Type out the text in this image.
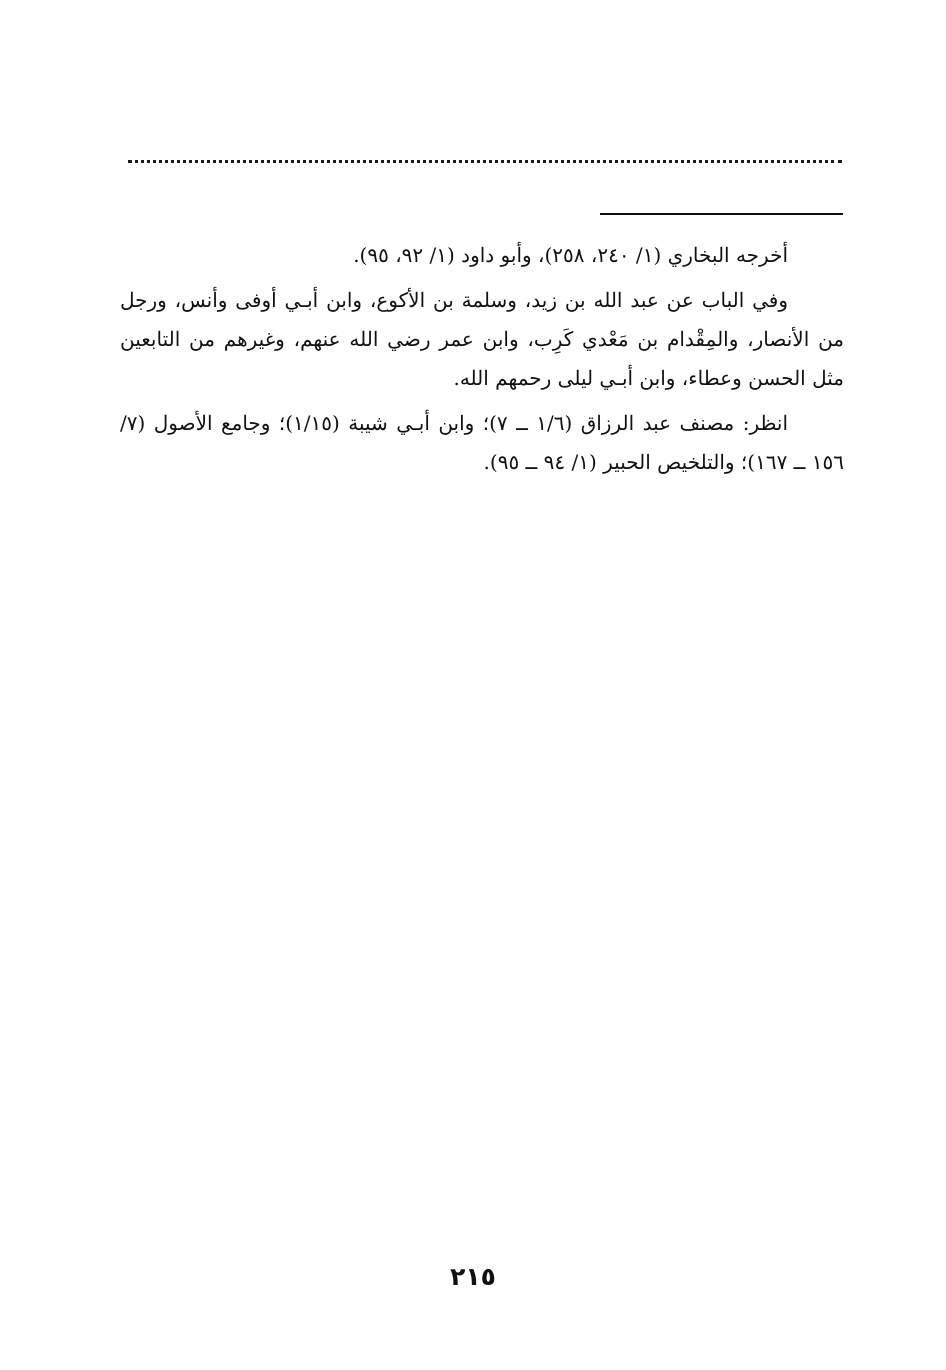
أخرجه البخاري (١/ ٢٤٠، ٢٥٨)، وأبو داود (١/ ٩٢، ٩٥).

وفي الباب عن عبد الله بن زيد، وسلمة بن الأكوع، وابن أبـي أوفى وأنس، ورجل من الأنصار، والمِقْدام بن مَعْدي كَرِب، وابن عمر رضي الله عنهم، وغيرهم من التابعين مثل الحسن وعطاء، وابن أبـي ليلى رحمهم الله.

انظر: مصنف عبد الرزاق (١/٦ ــ ٧)؛ وابن أبـي شيبة (١/١٥)؛ وجامع الأصول (٧/ ١٥٦ ــ ١٦٧)؛ والتلخيص الحبير (١/ ٩٤ ــ ٩٥).

٢١٥
